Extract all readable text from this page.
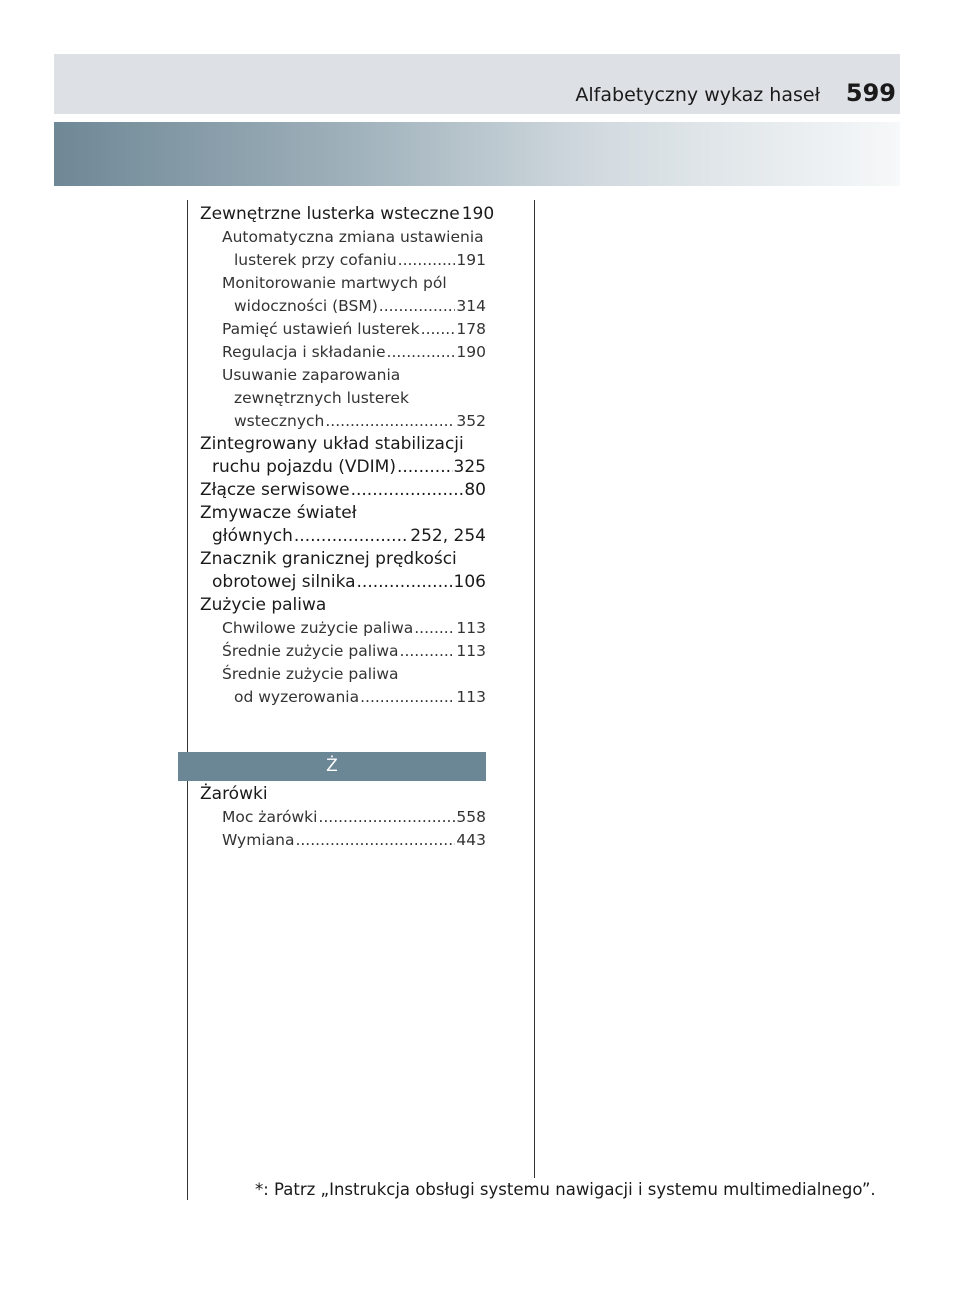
Alfabetyczny wykaz haseł 599
Zewnętrzne lusterka wsteczne 190
Automatyczna zmiana ustawienia
lusterek przy cofaniu .....	191
Monitorowanie martwych pól
widoczności (BSM) .....	314
Pamięć ustawień lusterek ..... 178
Regulacja i składanie .....	190
Usuwanie zaparowania
zewnętrznych lusterek
wstecznych .....	352
Zintegrowany układ stabilizacji
ruchu pojazdu (VDIM) .....	325
Złącze serwisowe .....	80
Zmywacze świateł
głównych .....	252, 254
Znacznik granicznej prędkości
obrotowej silnika .....	106
Zużycie paliwa
Chwilowe zużycie paliwa .....	113
Średnie zużycie paliwa .....	113
Średnie zużycie paliwa
od wyzerowania .....	113
Ż
Żarówki
Moc żarówki .....	558
Wymiana .....	443
*: Patrz „Instrukcja obsługi systemu nawigacji i systemu multimedialnego”.
